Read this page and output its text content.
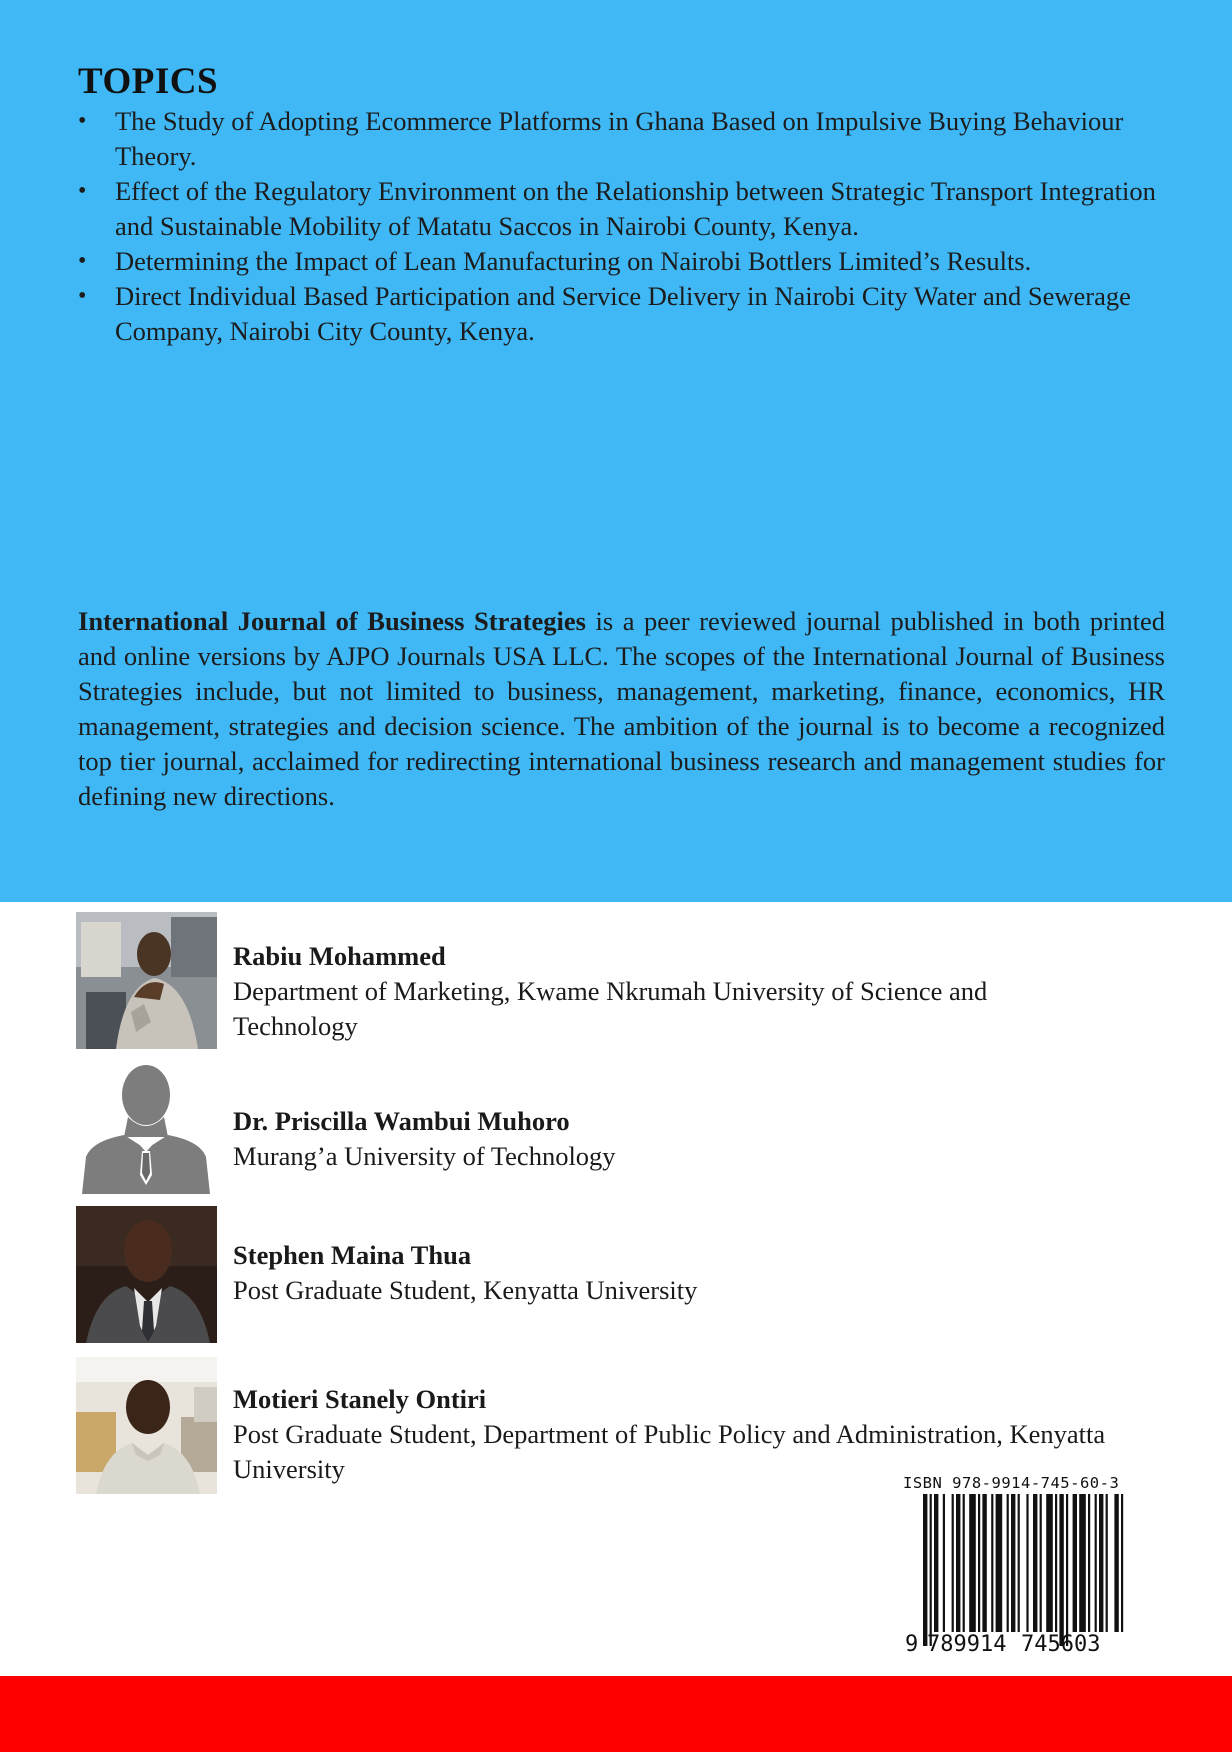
TOPICS
• The Study of Adopting Ecommerce Platforms in Ghana Based on Impulsive Buying Behaviour Theory.
• Effect of the Regulatory Environment on the Relationship between Strategic Transport Integration and Sustainable Mobility of Matatu Saccos in Nairobi County, Kenya.
• Determining the Impact of Lean Manufacturing on Nairobi Bottlers Limited’s Results.
• Direct Individual Based Participation and Service Delivery in Nairobi City Water and Sewerage Company, Nairobi City County, Kenya.

International Journal of Business Strategies is a peer reviewed journal published in both printed and online versions by AJPO Journals USA LLC. The scopes of the International Journal of Business Strategies include, but not limited to business, management, marketing, finance, economics, HR management, strategies and decision science. The ambition of the journal is to become a recognized top tier journal, acclaimed for redirecting international business research and management studies for defining new directions.

Rabiu Mohammed
Department of Marketing, Kwame Nkrumah University of Science and Technology
Dr. Priscilla Wambui Muhoro
Murang’a University of Technology
Stephen Maina Thua
Post Graduate Student, Kenyatta University
Motieri Stanely Ontiri
Post Graduate Student, Department of Public Policy and Administration, Kenyatta University	ISBN 978-9914-745-60-3
9 789914 745603
